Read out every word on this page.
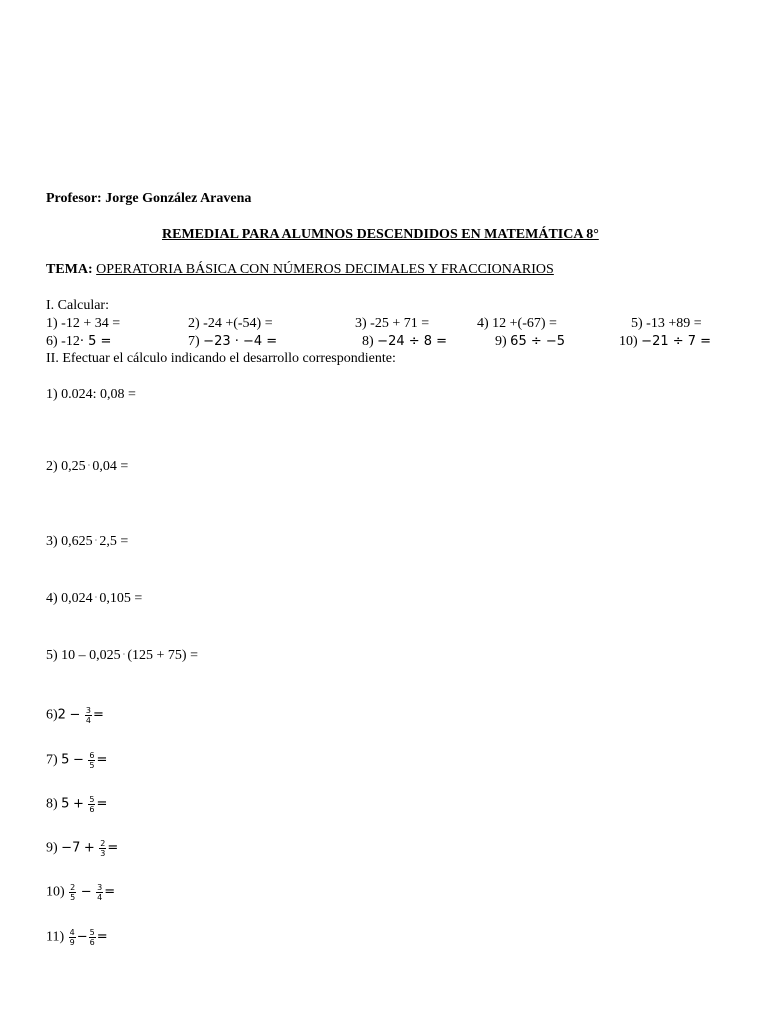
Profesor: Jorge González Aravena
REMEDIAL PARA ALUMNOS DESCENDIDOS EN MATEMÁTICA 8°
TEMA: OPERATORIA BÁSICA CON NÚMEROS DECIMALES Y FRACCIONARIOS
I. Calcular:
1) -12 + 34 =	2) -24 +(-54) =	3) -25 + 71 =	4) 12 +(-67) =	5) -13 +89 =
6) -12· 5 =	7) −23 · −4 =	8) −24 ÷ 8 =	9) 65 ÷ −5	10) −21 ÷ 7 =
II. Efectuar el cálculo indicando el desarrollo correspondiente:
1) 0.024: 0,08 =
2) 0,25 · 0,04 =
3) 0,625 · 2,5 =
4) 0,024 · 0,105 =
5) 10 – 0,025 · (125 + 75) =
$6)2 - \frac{3}{4}$ =
7) $5 - \frac{6}{5}$ =
8) $5 + \frac{5}{6}$ =
$9) -7 + \frac{2}{3}$ =
$10) \frac{2}{5} - \frac{3}{4}$ =
$11) \frac{4}{9} - \frac{5}{6}$ =
